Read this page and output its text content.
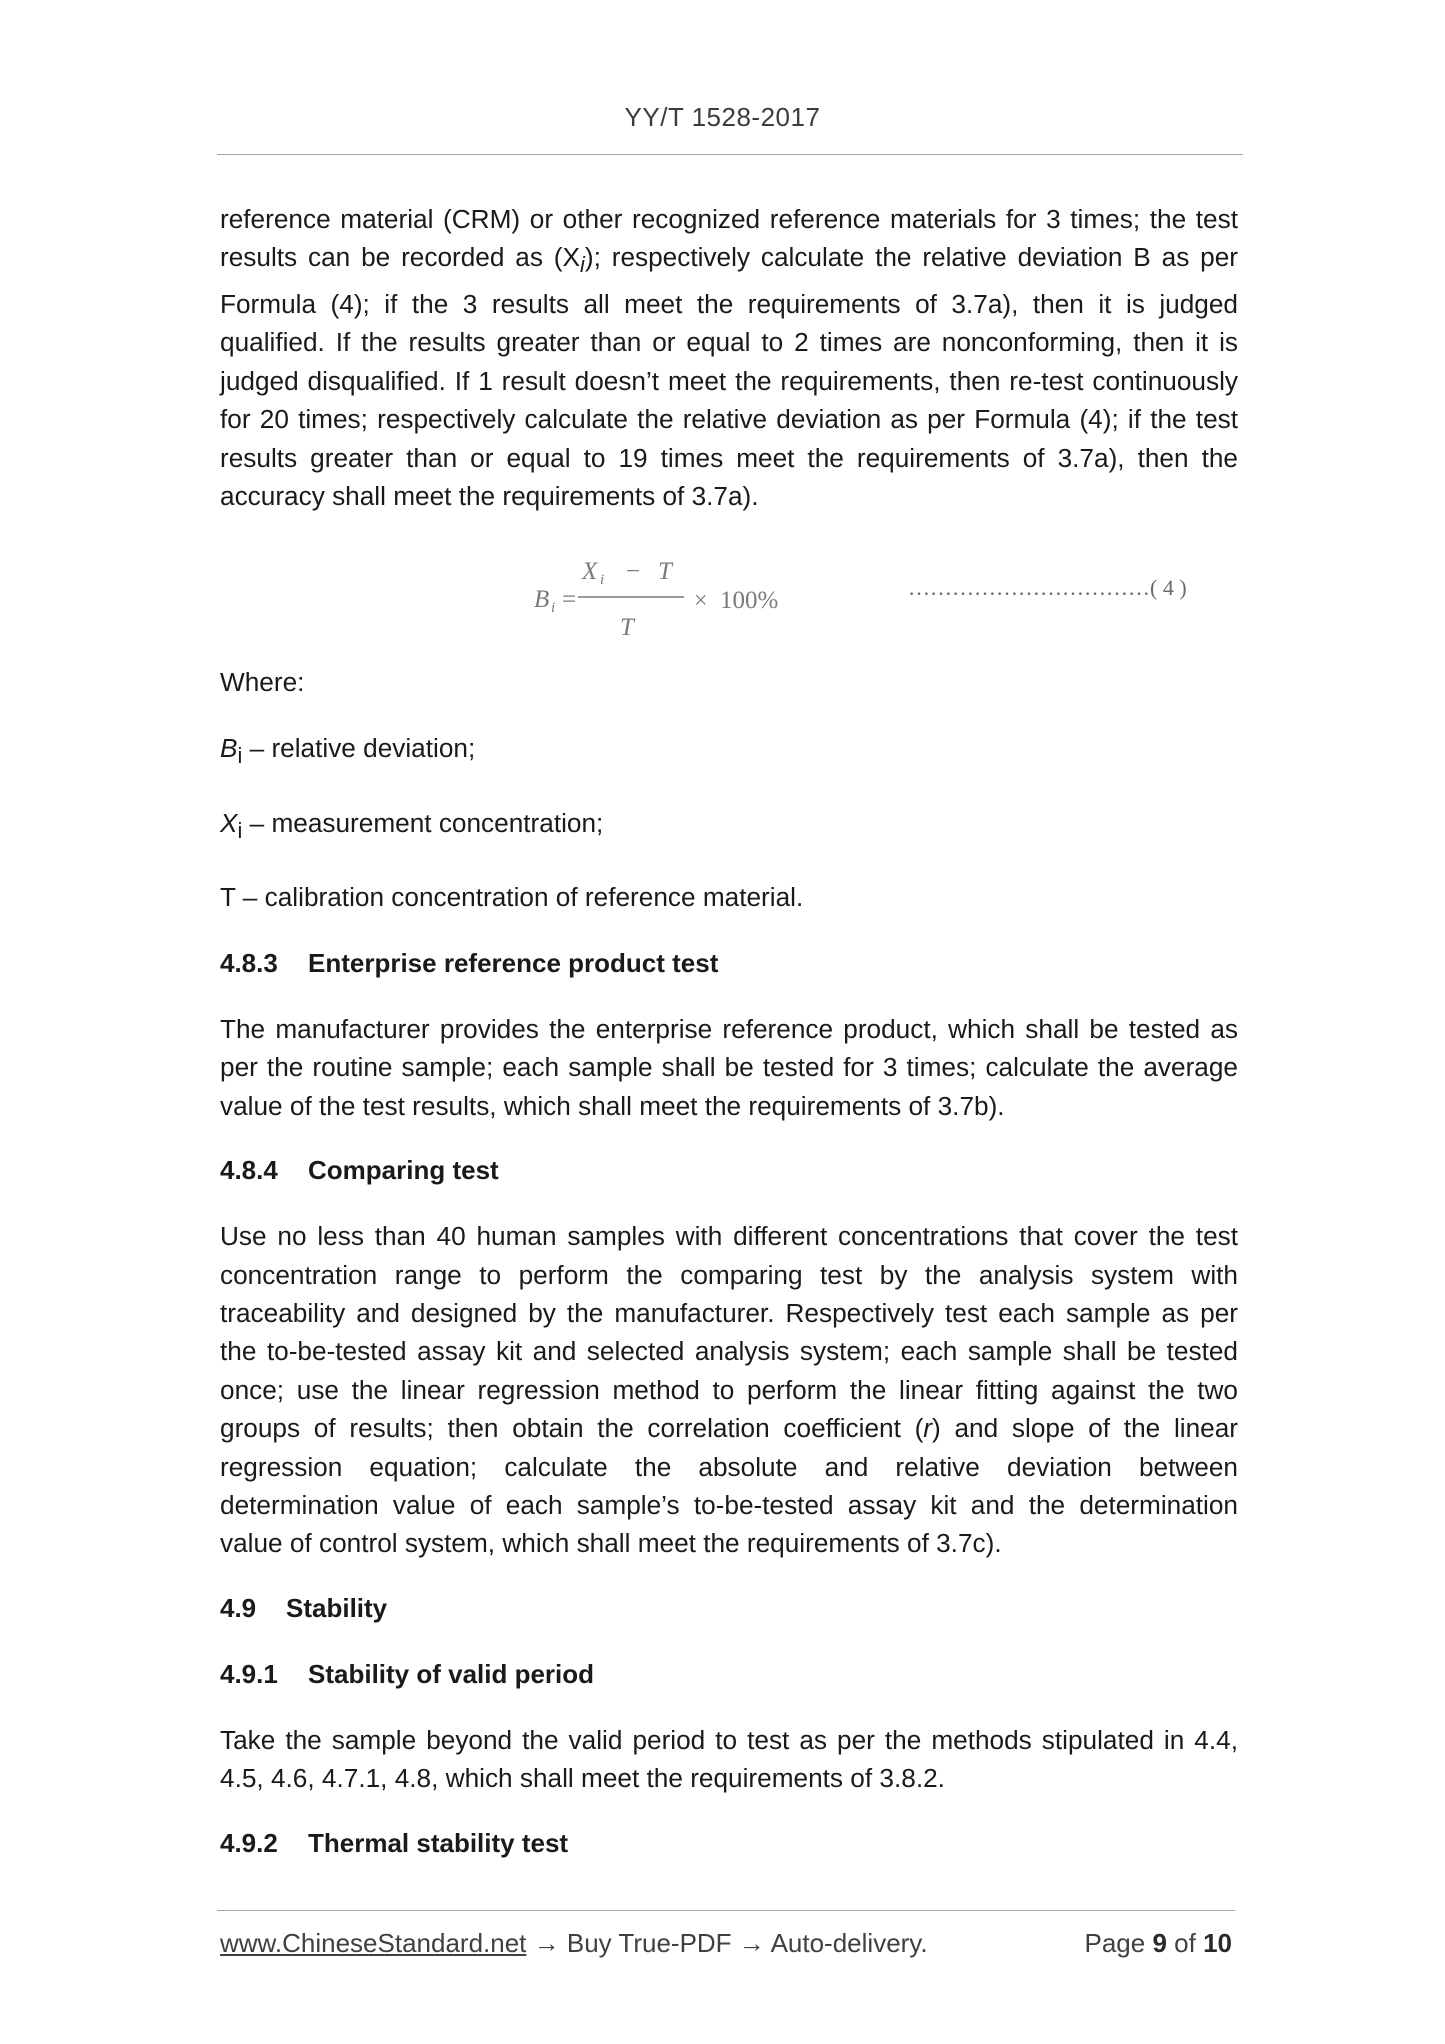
YY/T 1528-2017

reference material (CRM) or other recognized reference materials for 3 times; the test results can be recorded as $(X_i)$; respectively calculate the relative deviation B as per Formula (4); if the 3 results all meet the requirements of 3.7a), then it is judged qualified. If the results greater than or equal to 2 times are nonconforming, then it is judged disqualified. If 1 result doesn’t meet the requirements, then re-test continuously for 20 times; respectively calculate the relative deviation as per Formula (4); if the test results greater than or equal to 19 times meet the requirements of 3.7a), then the accuracy shall meet the requirements of 3.7a).

B i
X i T
T
=
−
× 100%	……………………………( 4 )

Where:

$B_i$ – relative deviation;

$X_i$ – measurement concentration;

T – calibration concentration of reference material.

4.8.3 Enterprise reference product test

The manufacturer provides the enterprise reference product, which shall be tested as per the routine sample; each sample shall be tested for 3 times; calculate the average value of the test results, which shall meet the requirements of 3.7b).

4.8.4 Comparing test

Use no less than 40 human samples with different concentrations that cover the test concentration range to perform the comparing test by the analysis system with traceability and designed by the manufacturer. Respectively test each sample as per the to-be-tested assay kit and selected analysis system; each sample shall be tested once; use the linear regression method to perform the linear fitting against the two groups of results; then obtain the correlation coefficient (r) and slope of the linear regression equation; calculate the absolute and relative deviation between determination value of each sample’s to-be-tested assay kit and the determination value of control system, which shall meet the requirements of 3.7c).

4.9 Stability
4.9.1 Stability of valid period

Take the sample beyond the valid period to test as per the methods stipulated in 4.4, 4.5, 4.6, 4.7.1, 4.8, which shall meet the requirements of 3.8.2.

4.9.2 Thermal stability test
www.ChineseStandard.net → Buy True-PDF → Auto-delivery.	Page 9 of 10
